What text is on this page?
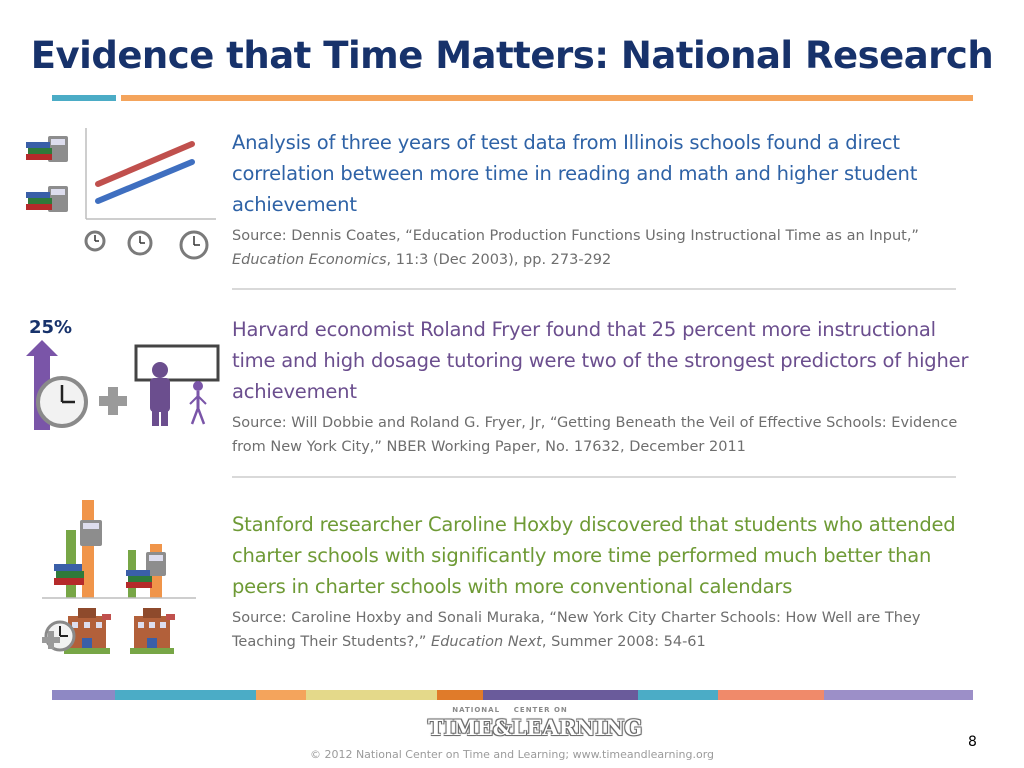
Evidence that Time Matters: National Research
Analysis of three years of test data from Illinois schools found a direct correlation between more time in reading and math and higher student achievement
Source: Dennis Coates, “Education Production Functions Using Instructional Time as an Input,” Education Economics, 11:3 (Dec 2003), pp. 273-292
25%	Harvard economist Roland Fryer found that 25 percent more instructional time and high dosage tutoring were two of the strongest predictors of higher achievement
Source: Will Dobbie and Roland G. Fryer, Jr, “Getting Beneath the Veil of Effective Schools: Evidence from New York City,” NBER Working Paper, No. 17632, December 2011
Stanford researcher Caroline Hoxby discovered that students who attended charter schools with significantly more time performed much better than peers in charter schools with more conventional calendars
Source: Caroline Hoxby and Sonali Muraka, “New York City Charter Schools: How Well are They Teaching Their Students?,” Education Next, Summer 2008: 54-61
NATIONAL    CENTER ON
TIME&LEARNING
8
© 2012 National Center on Time and Learning; www.timeandlearning.org
